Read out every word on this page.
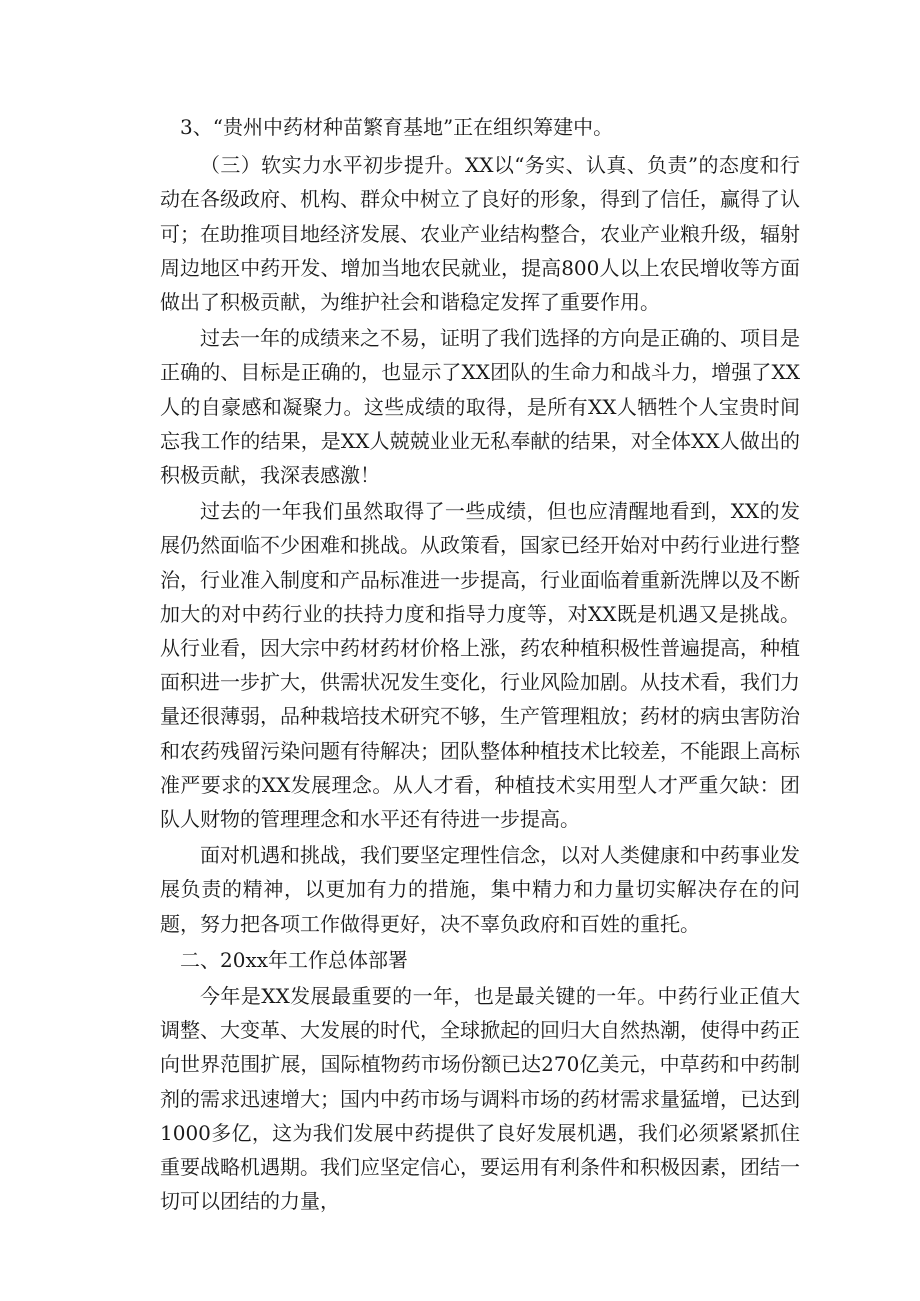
3、“贵州中药材种苗繁育基地”正在组织筹建中。

（三）软实力水平初步提升。XX以“务实、认真、负责”的态度和行动在各级政府、机构、群众中树立了良好的形象，得到了信任，赢得了认可；在助推项目地经济发展、农业产业结构整合，农业产业粮升级，辐射周边地区中药开发、增加当地农民就业，提高800人以上农民增收等方面做出了积极贡献，为维护社会和谐稳定发挥了重要作用。

过去一年的成绩来之不易，证明了我们选择的方向是正确的、项目是正确的、目标是正确的，也显示了XX团队的生命力和战斗力，增强了XX人的自豪感和凝聚力。这些成绩的取得，是所有XX人牺牲个人宝贵时间忘我工作的结果，是XX人兢兢业业无私奉献的结果，对全体XX人做出的积极贡献，我深表感激！

过去的一年我们虽然取得了一些成绩，但也应清醒地看到，XX的发展仍然面临不少困难和挑战。从政策看，国家已经开始对中药行业进行整治，行业准入制度和产品标准进一步提高，行业面临着重新洗牌以及不断加大的对中药行业的扶持力度和指导力度等，对XX既是机遇又是挑战。从行业看，因大宗中药材药材价格上涨，药农种植积极性普遍提高，种植面积进一步扩大，供需状况发生变化，行业风险加剧。从技术看，我们力量还很薄弱，品种栽培技术研究不够，生产管理粗放；药材的病虫害防治和农药残留污染问题有待解决；团队整体种植技术比较差，不能跟上高标准严要求的XX发展理念。从人才看，种植技术实用型人才严重欠缺：团队人财物的管理理念和水平还有待进一步提高。

面对机遇和挑战，我们要坚定理性信念，以对人类健康和中药事业发展负责的精神，以更加有力的措施，集中精力和力量切实解决存在的问题，努力把各项工作做得更好，决不辜负政府和百姓的重托。

二、20xx年工作总体部署

今年是XX发展最重要的一年，也是最关键的一年。中药行业正值大调整、大变革、大发展的时代，全球掀起的回归大自然热潮，使得中药正向世界范围扩展，国际植物药市场份额已达270亿美元，中草药和中药制剂的需求迅速增大；国内中药市场与调料市场的药材需求量猛增，已达到1000多亿，这为我们发展中药提供了良好发展机遇，我们必须紧紧抓住重要战略机遇期。我们应坚定信心，要运用有利条件和积极因素，团结一切可以团结的力量，
